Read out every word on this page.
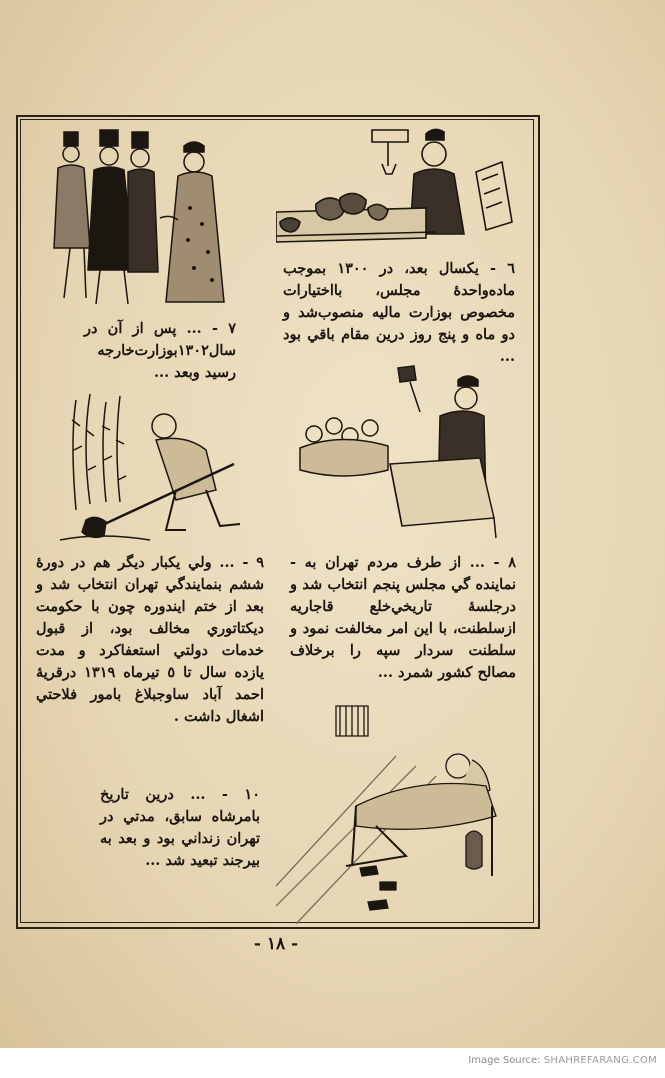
٦ - يكسال بعد، در ١٣٠٠ بموجب ماده‌واحدهٔ مجلس، بااختيارات مخصوص بوزارت ماليه منصوب‌شد و دو ماه و پنج روز درين مقام باقي بود ...
٧ - ... پس از آن در سال١٣٠٢بوزارت‌خارجه رسيد وبعد ...
٨ - ... از طرف مردم تهران به - نماينده گي مجلس پنجم انتخاب شد و درجلسهٔ تاريخي‌خلع قاجاريه ازسلطنت، با اين امر مخالفت نمود و سلطنت سردار سپه را برخلاف مصالح كشور شمرد ...
٩ - ... ولي يكبار ديگر هم در دورهٔ ششم بنمايندگي تهران انتخاب شد و بعد از ختم ايندوره چون با حكومت ديكتاتوري مخالف بود، از قبول خدمات دولتي استعفاكرد و مدت يازده سال تا ٥ تيرماه ١٣١٩ درقريهٔ احمد آباد ساوجبلاغ بامور فلاحتي اشغال داشت .
١٠ - ... درين تاريخ بامرشاه سابق، مدتي در تهران زنداني بود و بعد به بيرجند تبعيد شد ...
- ١٨ -
Image Source: SHAHREFARANG.COM
